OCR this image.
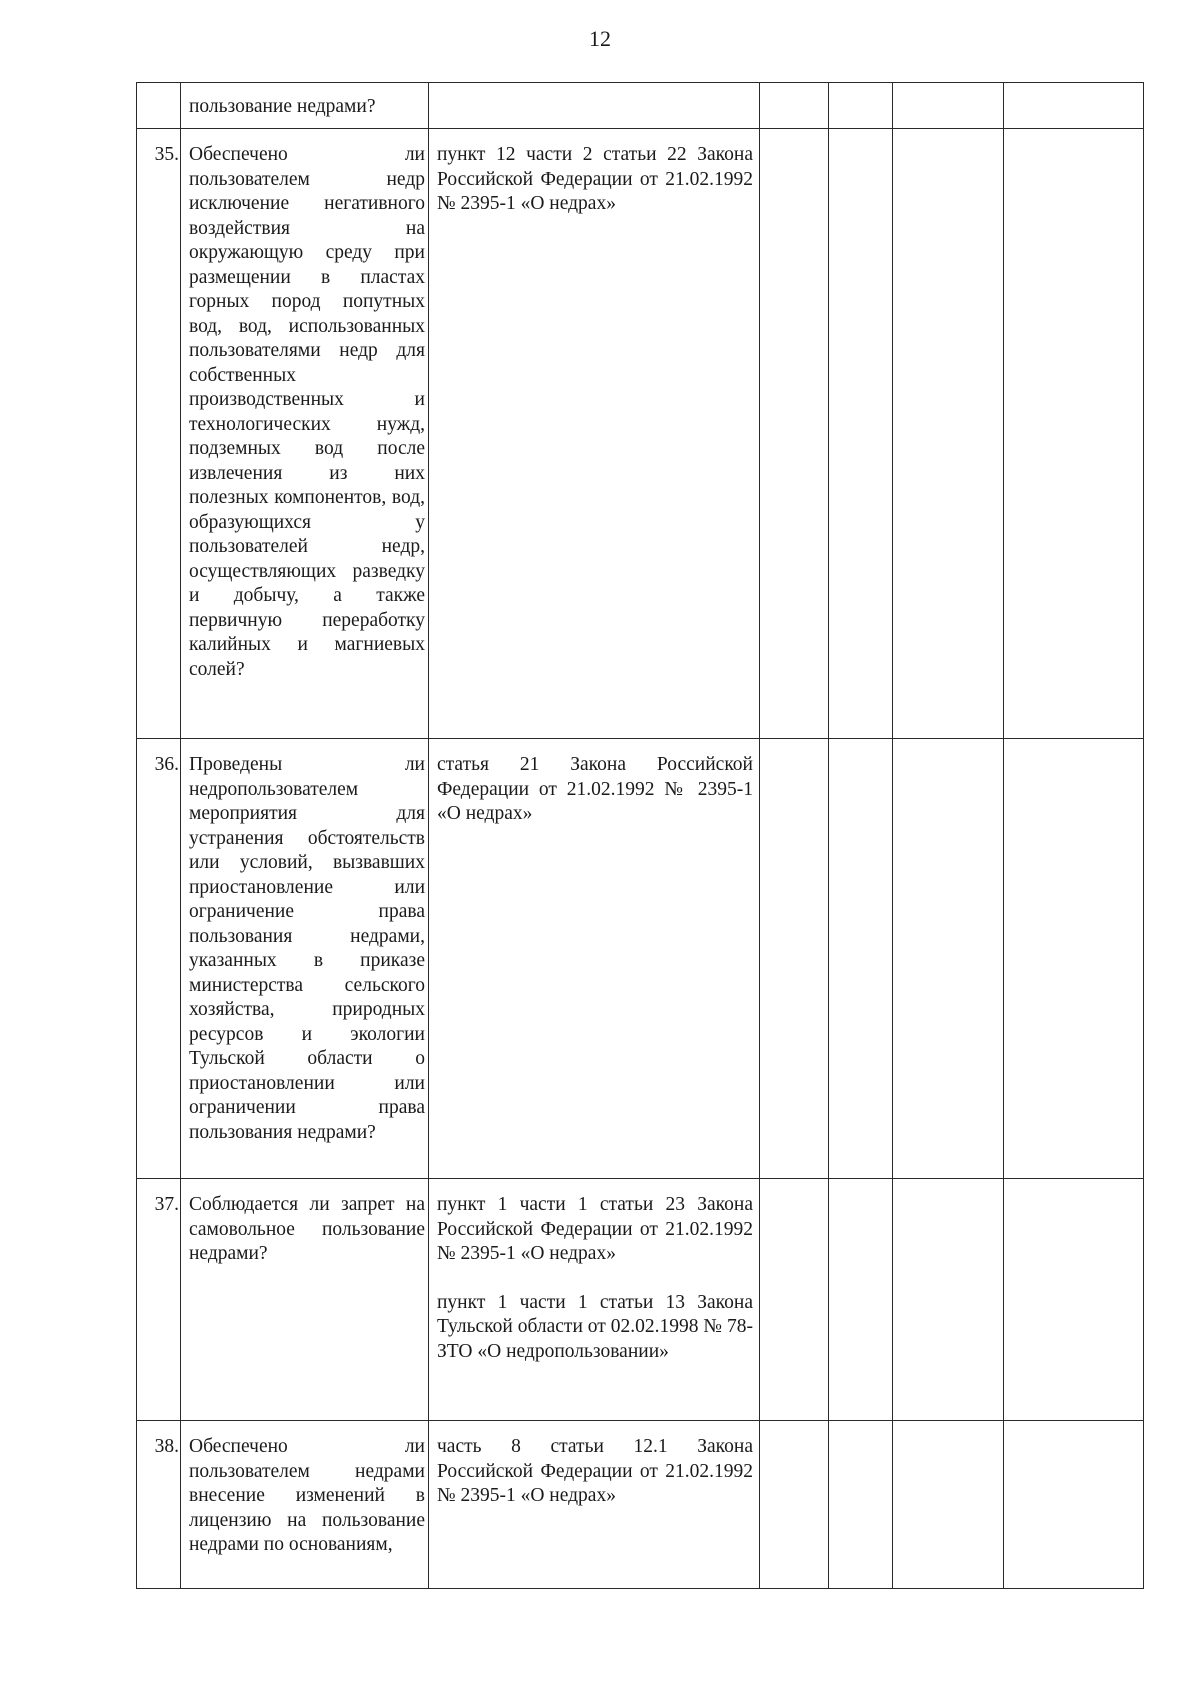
12
	пользование недрами?					
35.	Обеспечено ли пользователем недр исключение негативного воздействия на окружающую среду при размещении в пластах горных пород попутных вод, вод, использованных пользователями недр для собственных производственных и технологических нужд, подземных вод после извлечения из них полезных компонентов, вод, образующихся у пользователей недр, осуществляющих разведку и добычу, а также первичную переработку калийных и магниевых солей?	пункт 12 части 2 статьи 22 Закона Российской Федерации от 21.02.1992 № 2395-1 «О недрах»				

36.	Проведены ли недропользователем мероприятия для устранения обстоятельств или условий, вызвавших приостановление или ограничение права пользования недрами, указанных в приказе министерства сельского хозяйства, природных ресурсов и экологии Тульской области о приостановлении или ограничении права пользования недрами?	статья 21 Закона Российской Федерации от 21.02.1992 № 2395-1 «О недрах»				

37.	Соблюдается ли запрет на самовольное пользование недрами?	пункт 1 части 1 статьи 23 Закона Российской Федерации от 21.02.1992 № 2395-1 «О недрах»
пункт 1 части 1 статьи 13 Закона Тульской области от 02.02.1998 № 78-ЗТО «О недропользовании»				

38.	Обеспечено ли пользователем недрами внесение изменений в лицензию на пользование недрами по основаниям,	часть 8 статьи 12.1 Закона Российской Федерации от 21.02.1992 № 2395-1 «О недрах»				
